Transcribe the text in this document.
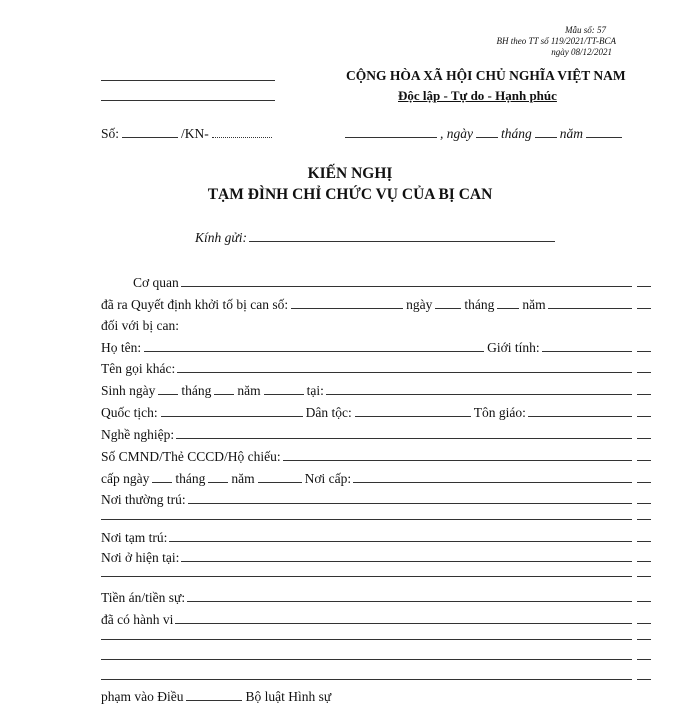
Mẫu số: 57
BH theo TT số 119/2021/TT-BCA
ngày 08/12/2021
CỘNG HÒA XÃ HỘI CHỦ NGHĨA VIỆT NAM
Độc lập - Tự do - Hạnh phúc
Số:	/KN-	, ngày tháng năm
KIẾN NGHỊ
TẠM ĐÌNH CHỈ CHỨC VỤ CỦA BỊ CAN
Kính gửi:
Cơ quan
đã ra Quyết định khởi tố bị can số:	ngày tháng năm
đối với bị can:
Họ tên:	Giới tính:
Tên gọi khác:
Sinh ngày tháng năm	tại:
Quốc tịch:	Dân tộc:	Tôn giáo:
Nghề nghiệp:
Số CMND/Thẻ CCCD/Hộ chiếu:
cấp ngày tháng năm	Nơi cấp:
Nơi thường trú:
Nơi tạm trú:
Nơi ở hiện tại:
Tiền án/tiền sự:
đã có hành vi
phạm vào Điều	Bộ luật Hình sự
